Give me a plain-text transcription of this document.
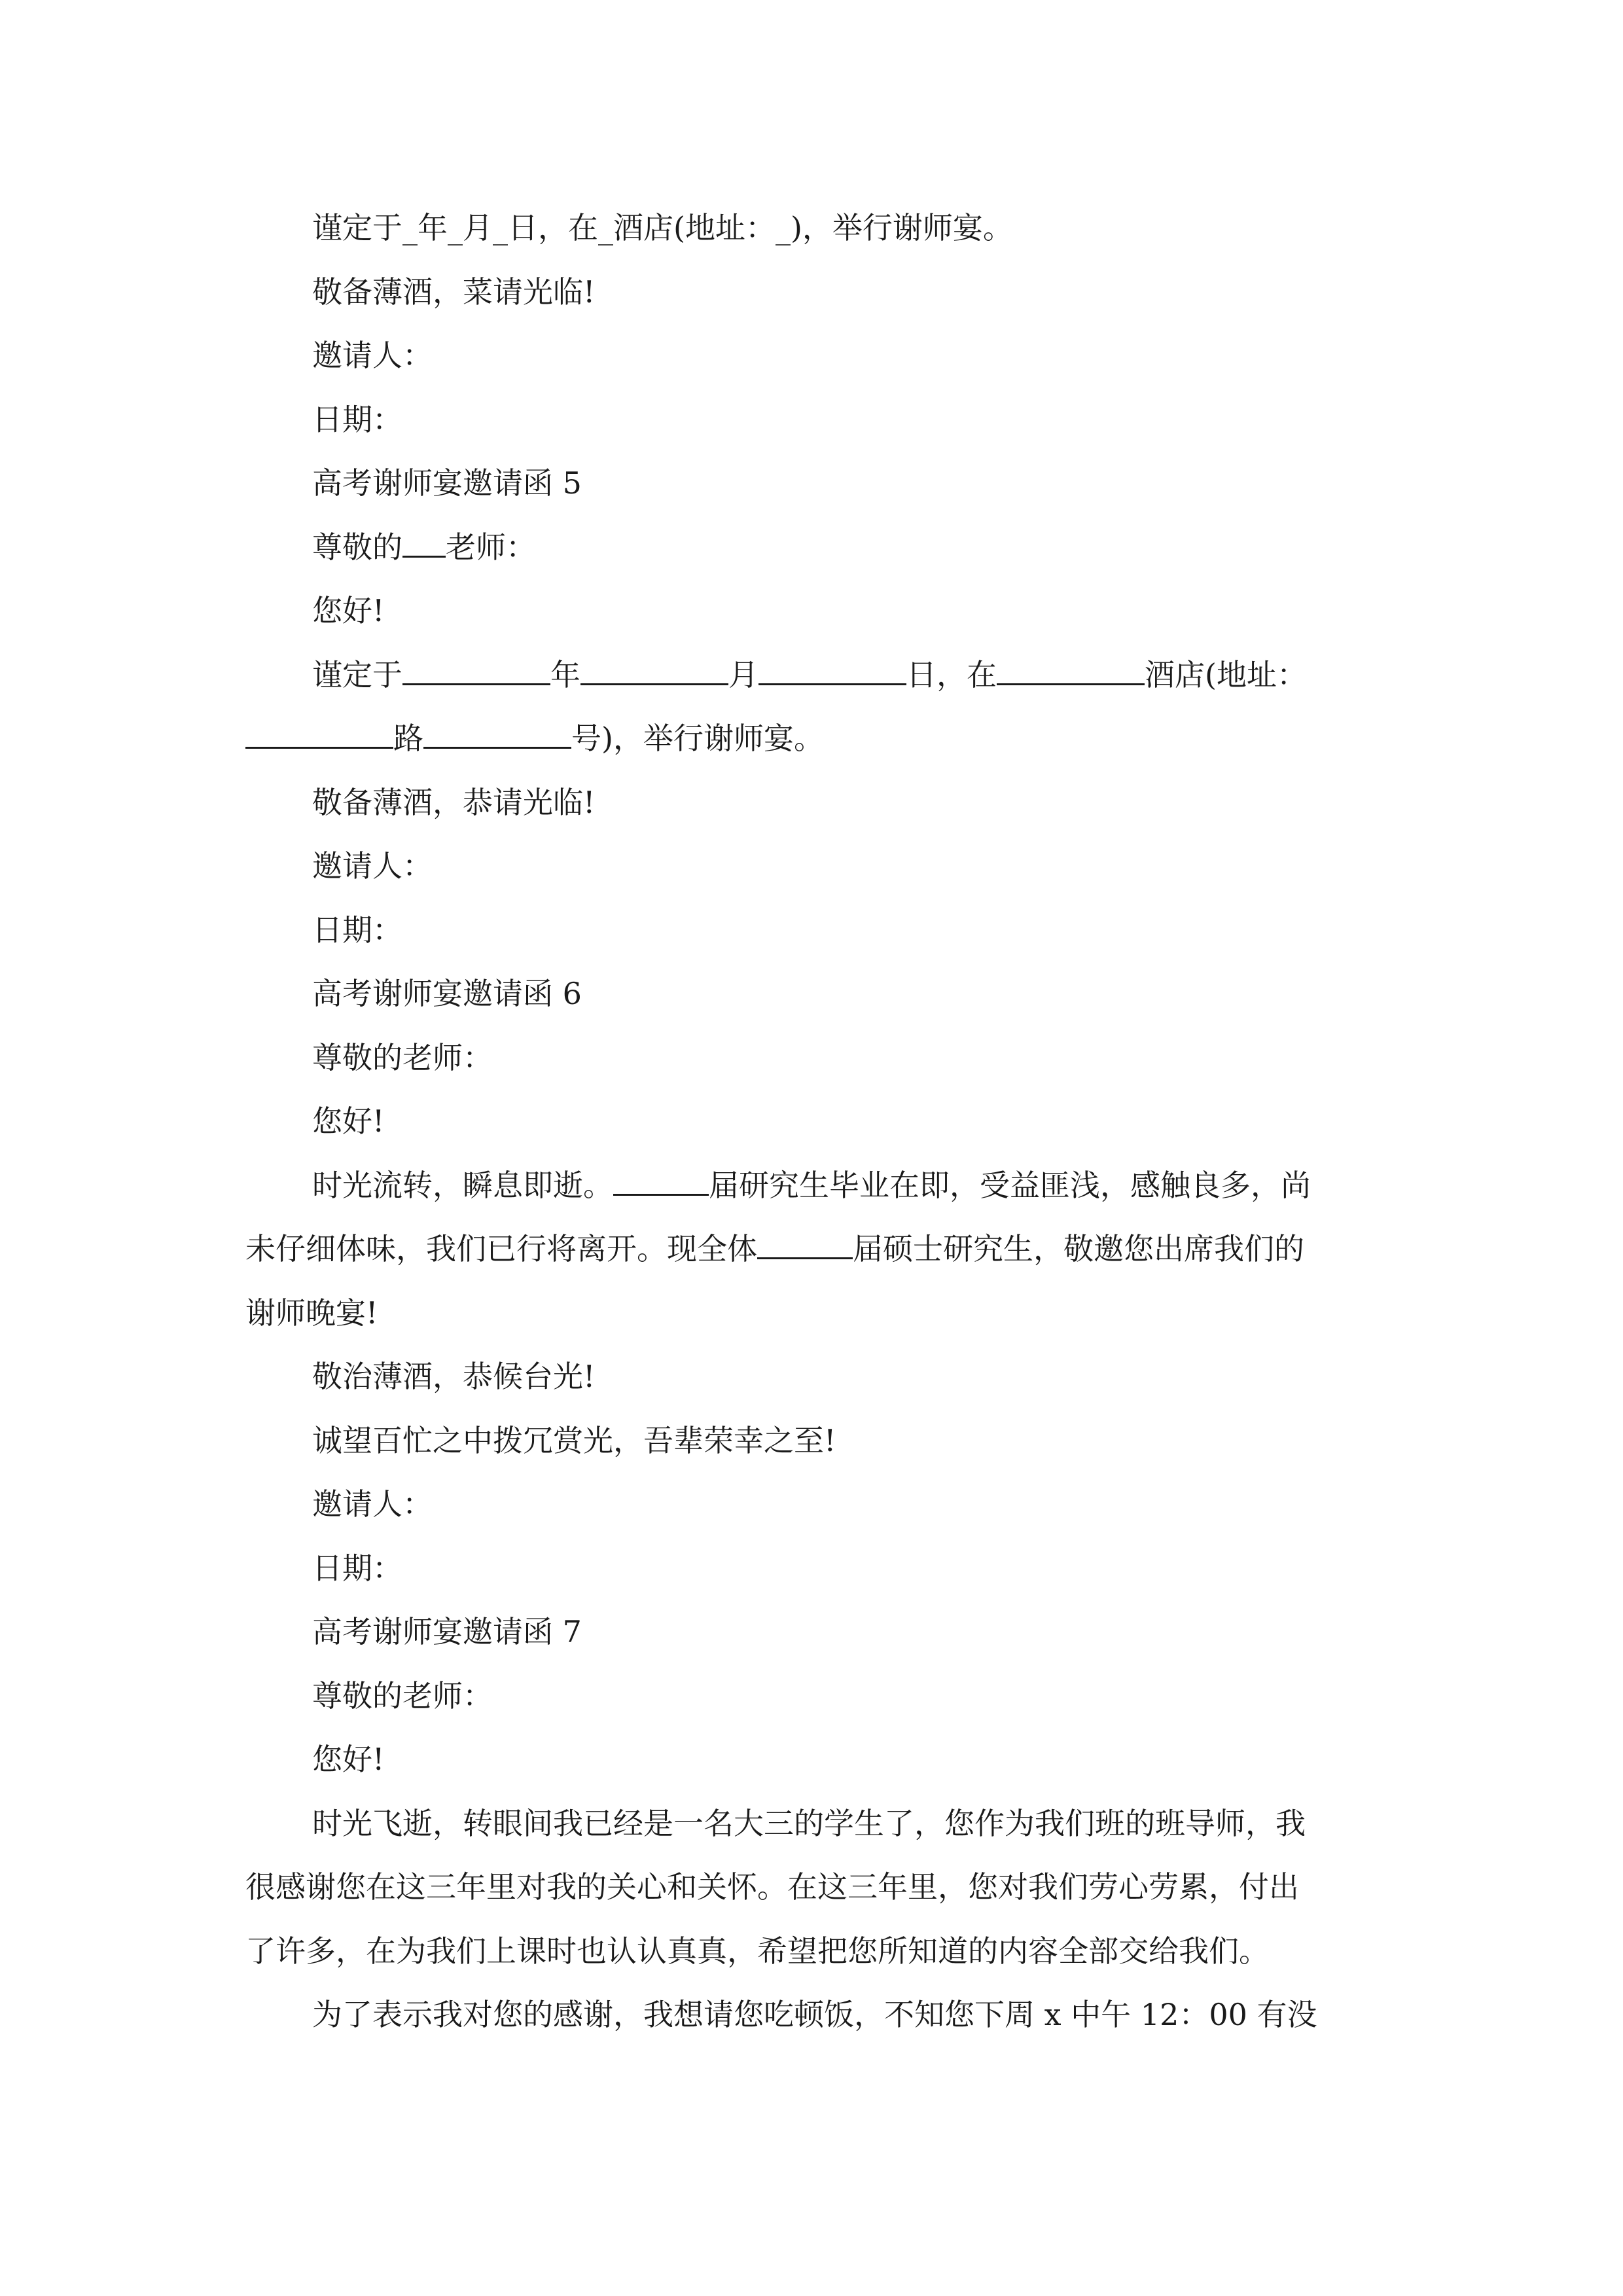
谨定于_年_月_日，在_酒店(地址：_)，举行谢师宴。
敬备薄酒，菜请光临!
邀请人：
日期：
高考谢师宴邀请函 5
尊敬的 老师：
您好!
谨定于	年	月	日，在	酒店(地址：
路	号)，举行谢师宴。
敬备薄酒，恭请光临!
邀请人：
日期：
高考谢师宴邀请函 6
尊敬的老师：
您好!
时光流转，瞬息即逝。	届研究生毕业在即，受益匪浅，感触良多，尚
未仔细体味，我们已行将离开。现全体	届硕士研究生，敬邀您出席我们的
谢师晚宴!
敬治薄酒，恭候台光!
诚望百忙之中拨冗赏光，吾辈荣幸之至!
邀请人：
日期：
高考谢师宴邀请函 7
尊敬的老师：
您好!
时光飞逝，转眼间我已经是一名大三的学生了，您作为我们班的班导师，我
很感谢您在这三年里对我的关心和关怀。在这三年里，您对我们劳心劳累，付出
了许多，在为我们上课时也认认真真，希望把您所知道的内容全部交给我们。
为了表示我对您的感谢，我想请您吃顿饭，不知您下周 x 中午 12：00 有没
